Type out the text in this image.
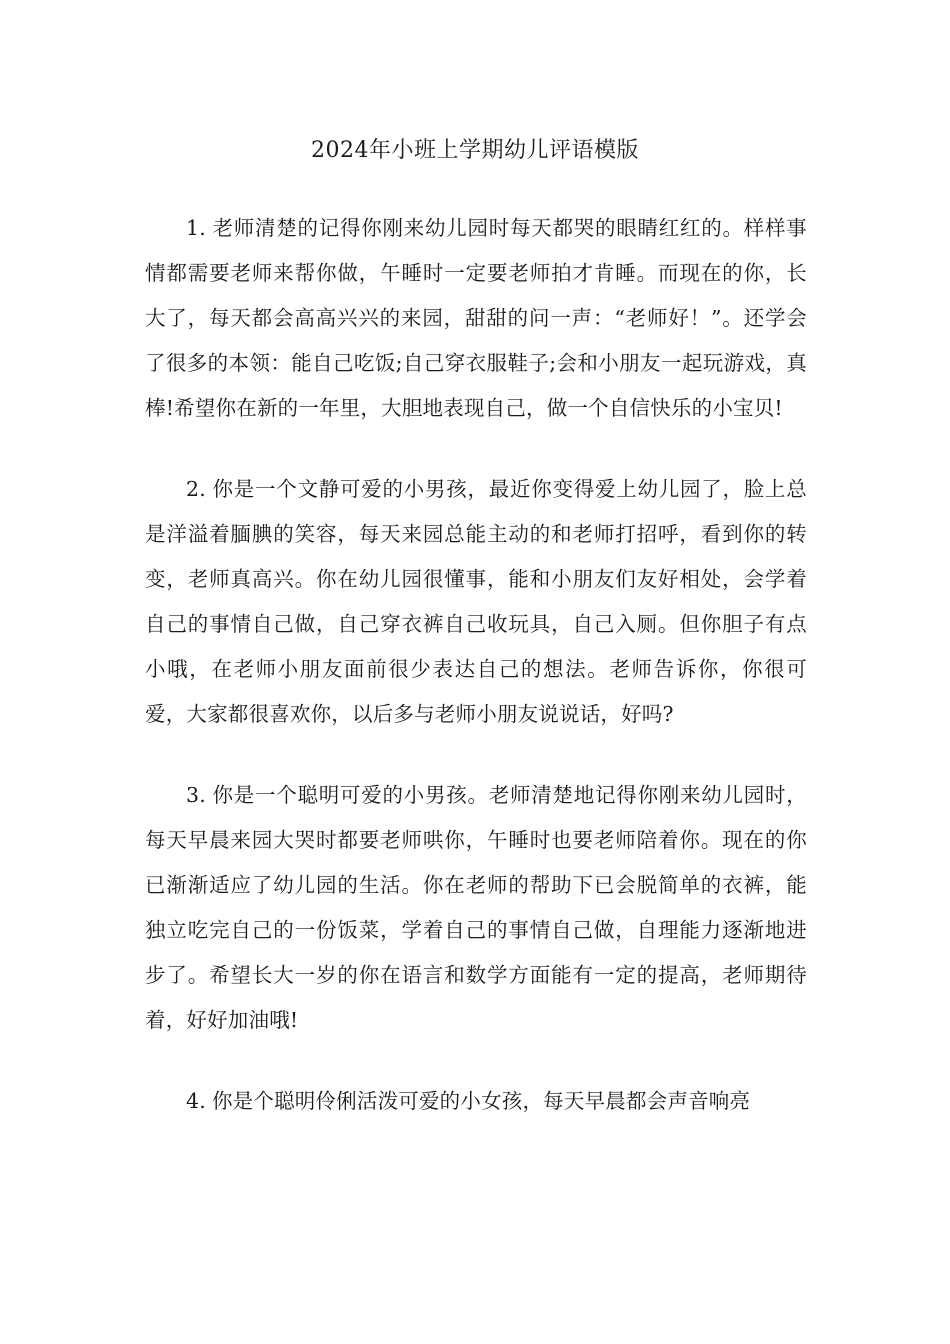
2024年小班上学期幼儿评语模版

1. 老师清楚的记得你刚来幼儿园时每天都哭的眼睛红红的。样样事情都需要老师来帮你做，午睡时一定要老师拍才肯睡。而现在的你，长大了，每天都会高高兴兴的来园，甜甜的问一声：“老师好！”。还学会了很多的本领：能自己吃饭;自己穿衣服鞋子;会和小朋友一起玩游戏，真棒!希望你在新的一年里，大胆地表现自己，做一个自信快乐的小宝贝!

2. 你是一个文静可爱的小男孩，最近你变得爱上幼儿园了，脸上总是洋溢着腼腆的笑容，每天来园总能主动的和老师打招呼，看到你的转变，老师真高兴。你在幼儿园很懂事，能和小朋友们友好相处，会学着自己的事情自己做，自己穿衣裤自己收玩具，自己入厕。但你胆子有点小哦，在老师小朋友面前很少表达自己的想法。老师告诉你，你很可爱，大家都很喜欢你，以后多与老师小朋友说说话，好吗?

3. 你是一个聪明可爱的小男孩。老师清楚地记得你刚来幼儿园时，每天早晨来园大哭时都要老师哄你，午睡时也要老师陪着你。现在的你已渐渐适应了幼儿园的生活。你在老师的帮助下已会脱简单的衣裤，能独立吃完自己的一份饭菜，学着自己的事情自己做，自理能力逐渐地进步了。希望长大一岁的你在语言和数学方面能有一定的提高，老师期待着，好好加油哦!

4. 你是个聪明伶俐活泼可爱的小女孩，每天早晨都会声音响亮
